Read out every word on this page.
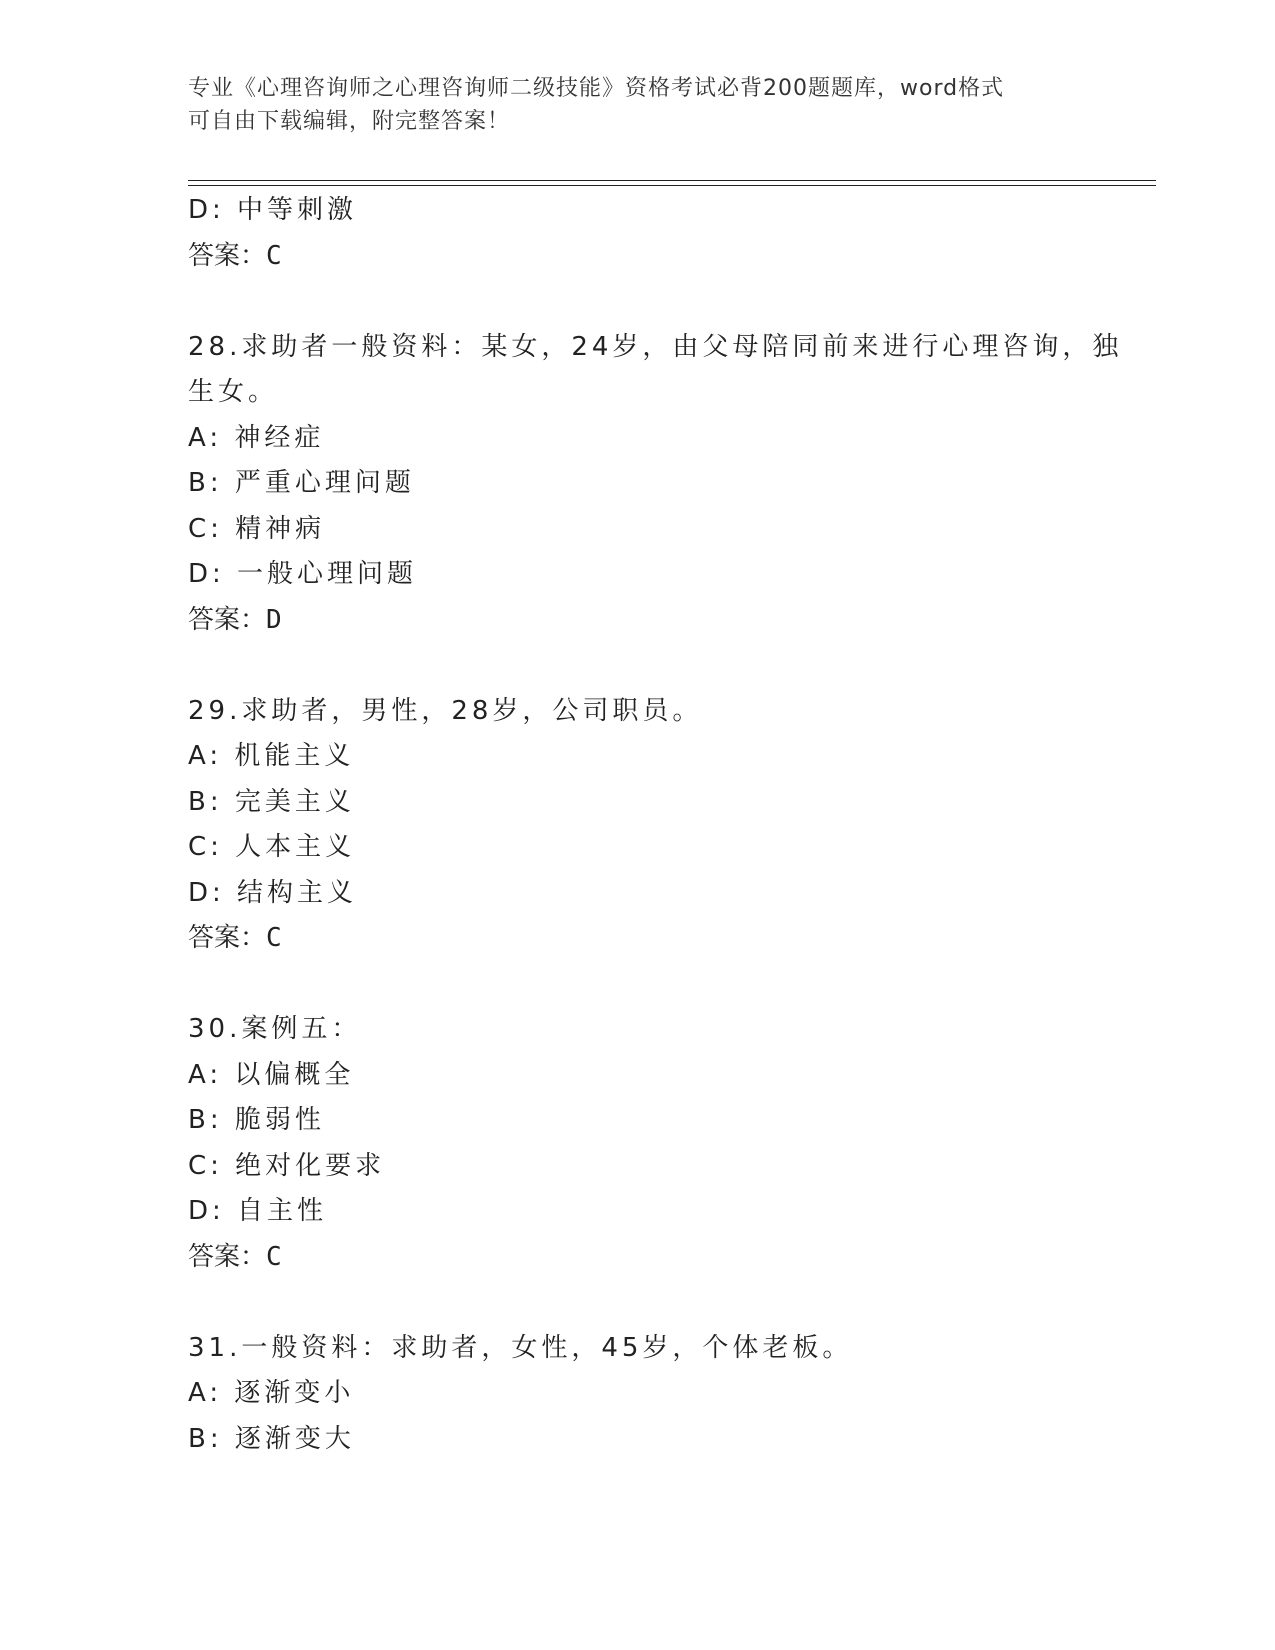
专业《心理咨询师之心理咨询师二级技能》资格考试必背200题题库，word格式
可自由下载编辑，附完整答案！
D: 中等刺激
答案：C
28.求助者一般资料：某女，24岁，由父母陪同前来进行心理咨询，独
生女。
A: 神经症
B: 严重心理问题
C: 精神病
D: 一般心理问题
答案：D
29.求助者，男性，28岁，公司职员。
A: 机能主义
B: 完美主义
C: 人本主义
D: 结构主义
答案：C
30.案例五：
A: 以偏概全
B: 脆弱性
C: 绝对化要求
D: 自主性
答案：C
31.一般资料：求助者，女性，45岁，个体老板。
A: 逐渐变小
B: 逐渐变大
